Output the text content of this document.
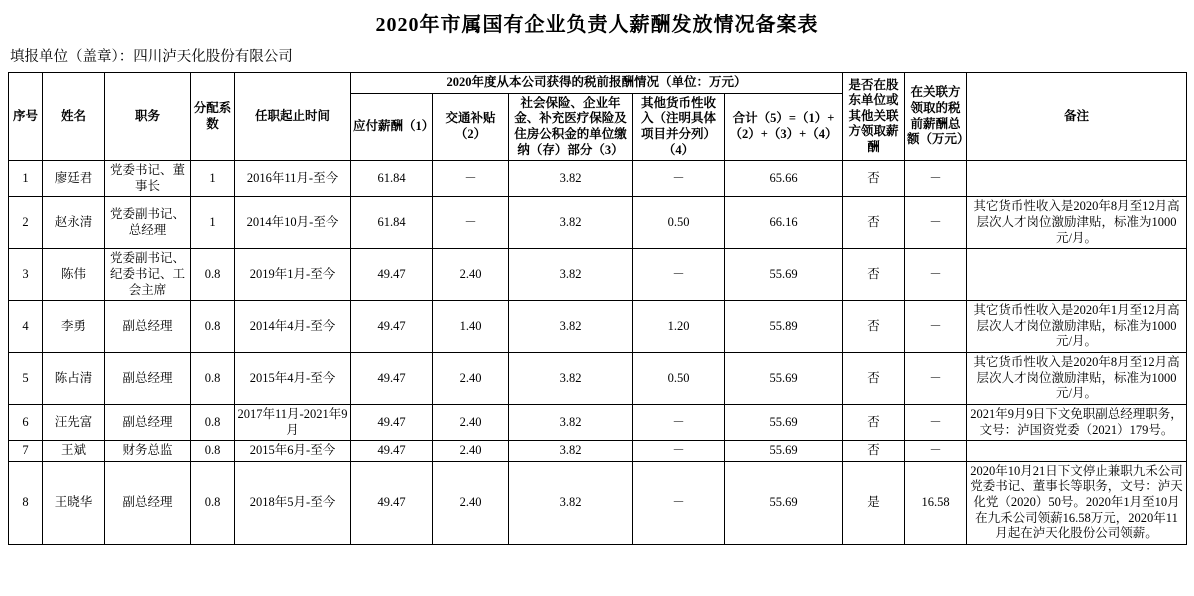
2020年市属国有企业负责人薪酬发放情况备案表
填报单位（盖章）：四川泸天化股份有限公司
序号	姓名	职务	分配系数	任职起止时间	2020年度从本公司获得的税前报酬情况（单位：万元）					是否在股东单位或其他关联方领取薪酬	在关联方领取的税前薪酬总额（万元）	备注
					应付薪酬（1）	交通补贴（2）	社会保险、企业年金、补充医疗保险及住房公积金的单位缴纳（存）部分（3）	其他货币性收入（注明具体项目并分列）（4）	合计（5）=（1）+（2）+（3）+（4）			
1	廖廷君	党委书记、董事长	1	2016年11月-至今	61.84	－	3.82	－	65.66	否	－	
2	赵永清	党委副书记、总经理	1	2014年10月-至今	61.84	－	3.82	0.50	66.16	否	－	其它货币性收入是2020年8月至12月高层次人才岗位激励津贴，标准为1000元/月。
3	陈伟	党委副书记、纪委书记、工会主席	0.8	2019年1月-至今	49.47	2.40	3.82	－	55.69	否	－	
4	李勇	副总经理	0.8	2014年4月-至今	49.47	1.40	3.82	1.20	55.89	否	－	其它货币性收入是2020年1月至12月高层次人才岗位激励津贴，标准为1000元/月。
5	陈占清	副总经理	0.8	2015年4月-至今	49.47	2.40	3.82	0.50	55.69	否	－	其它货币性收入是2020年8月至12月高层次人才岗位激励津贴，标准为1000元/月。
6	汪先富	副总经理	0.8	2017年11月-2021年9月	49.47	2.40	3.82	－	55.69	否	－	2021年9月9日下文免职副总经理职务，文号：泸国资党委（2021）179号。
7	王斌	财务总监	0.8	2015年6月-至今	49.47	2.40	3.82	－	55.69	否	－	
8	王晓华	副总经理	0.8	2018年5月-至今	49.47	2.40	3.82	－	55.69	是	16.58	2020年10月21日下文停止兼职九禾公司党委书记、董事长等职务，文号：泸天化党（2020）50号。2020年1月至10月在九禾公司领薪16.58万元，2020年11月起在泸天化股份公司领薪。
